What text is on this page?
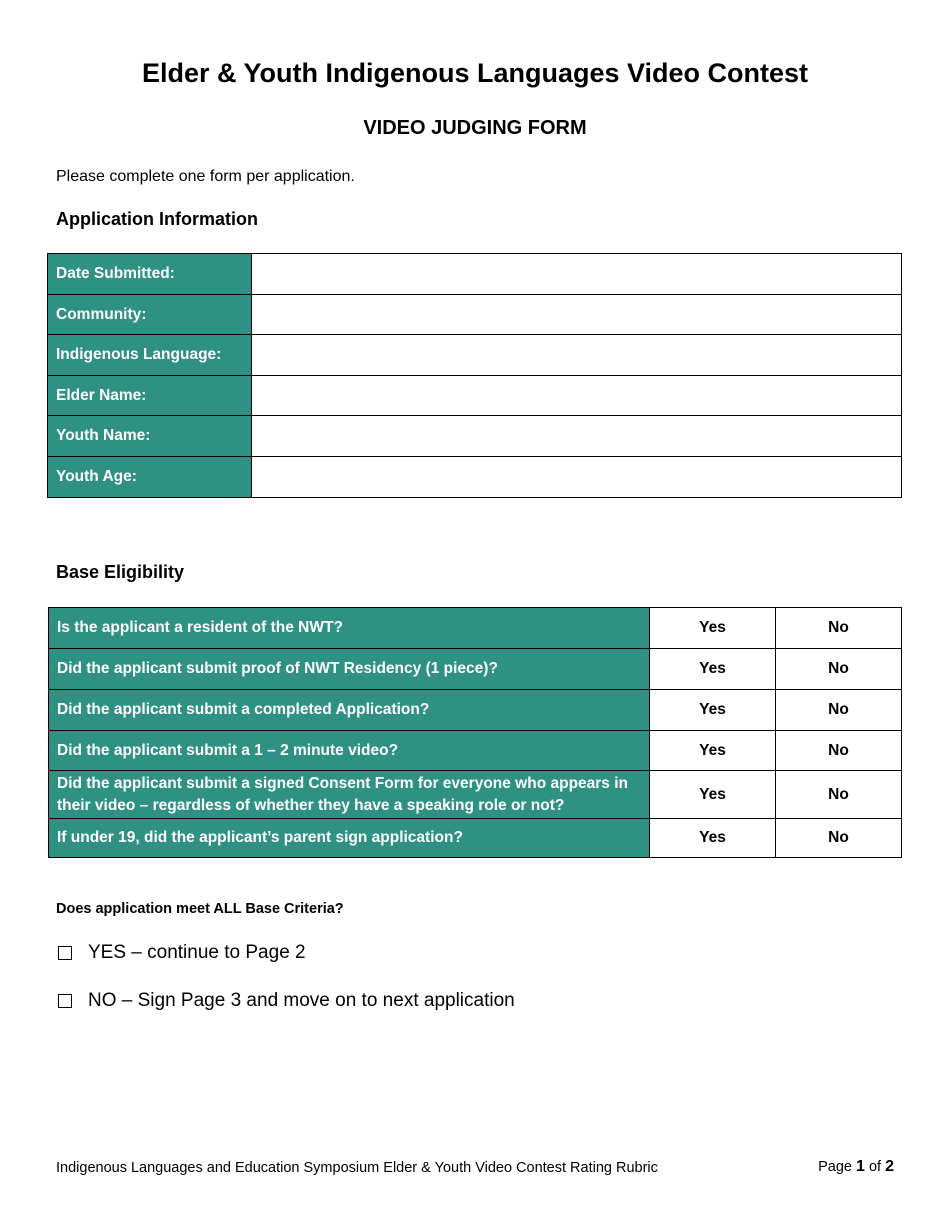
Elder & Youth Indigenous Languages Video Contest
VIDEO JUDGING FORM
Please complete one form per application.
Application Information
Date Submitted:	
Community:	
Indigenous Language:	
Elder Name:	
Youth Name:	
Youth Age:	
Base Eligibility
Is the applicant a resident of the NWT?	Yes	No
Did the applicant submit proof of NWT Residency (1 piece)?	Yes	No
Did the applicant submit a completed Application?	Yes	No
Did the applicant submit a 1 – 2 minute video?	Yes	No
Did the applicant submit a signed Consent Form for everyone who appears in their video – regardless of whether they have a speaking role or not?	Yes	No
If under 19, did the applicant’s parent sign application?	Yes	No
Does application meet ALL Base Criteria?
YES – continue to Page 2
NO – Sign Page 3 and move on to next application
Indigenous Languages and Education Symposium Elder & Youth Video Contest Rating Rubric	Page 1 of 2
